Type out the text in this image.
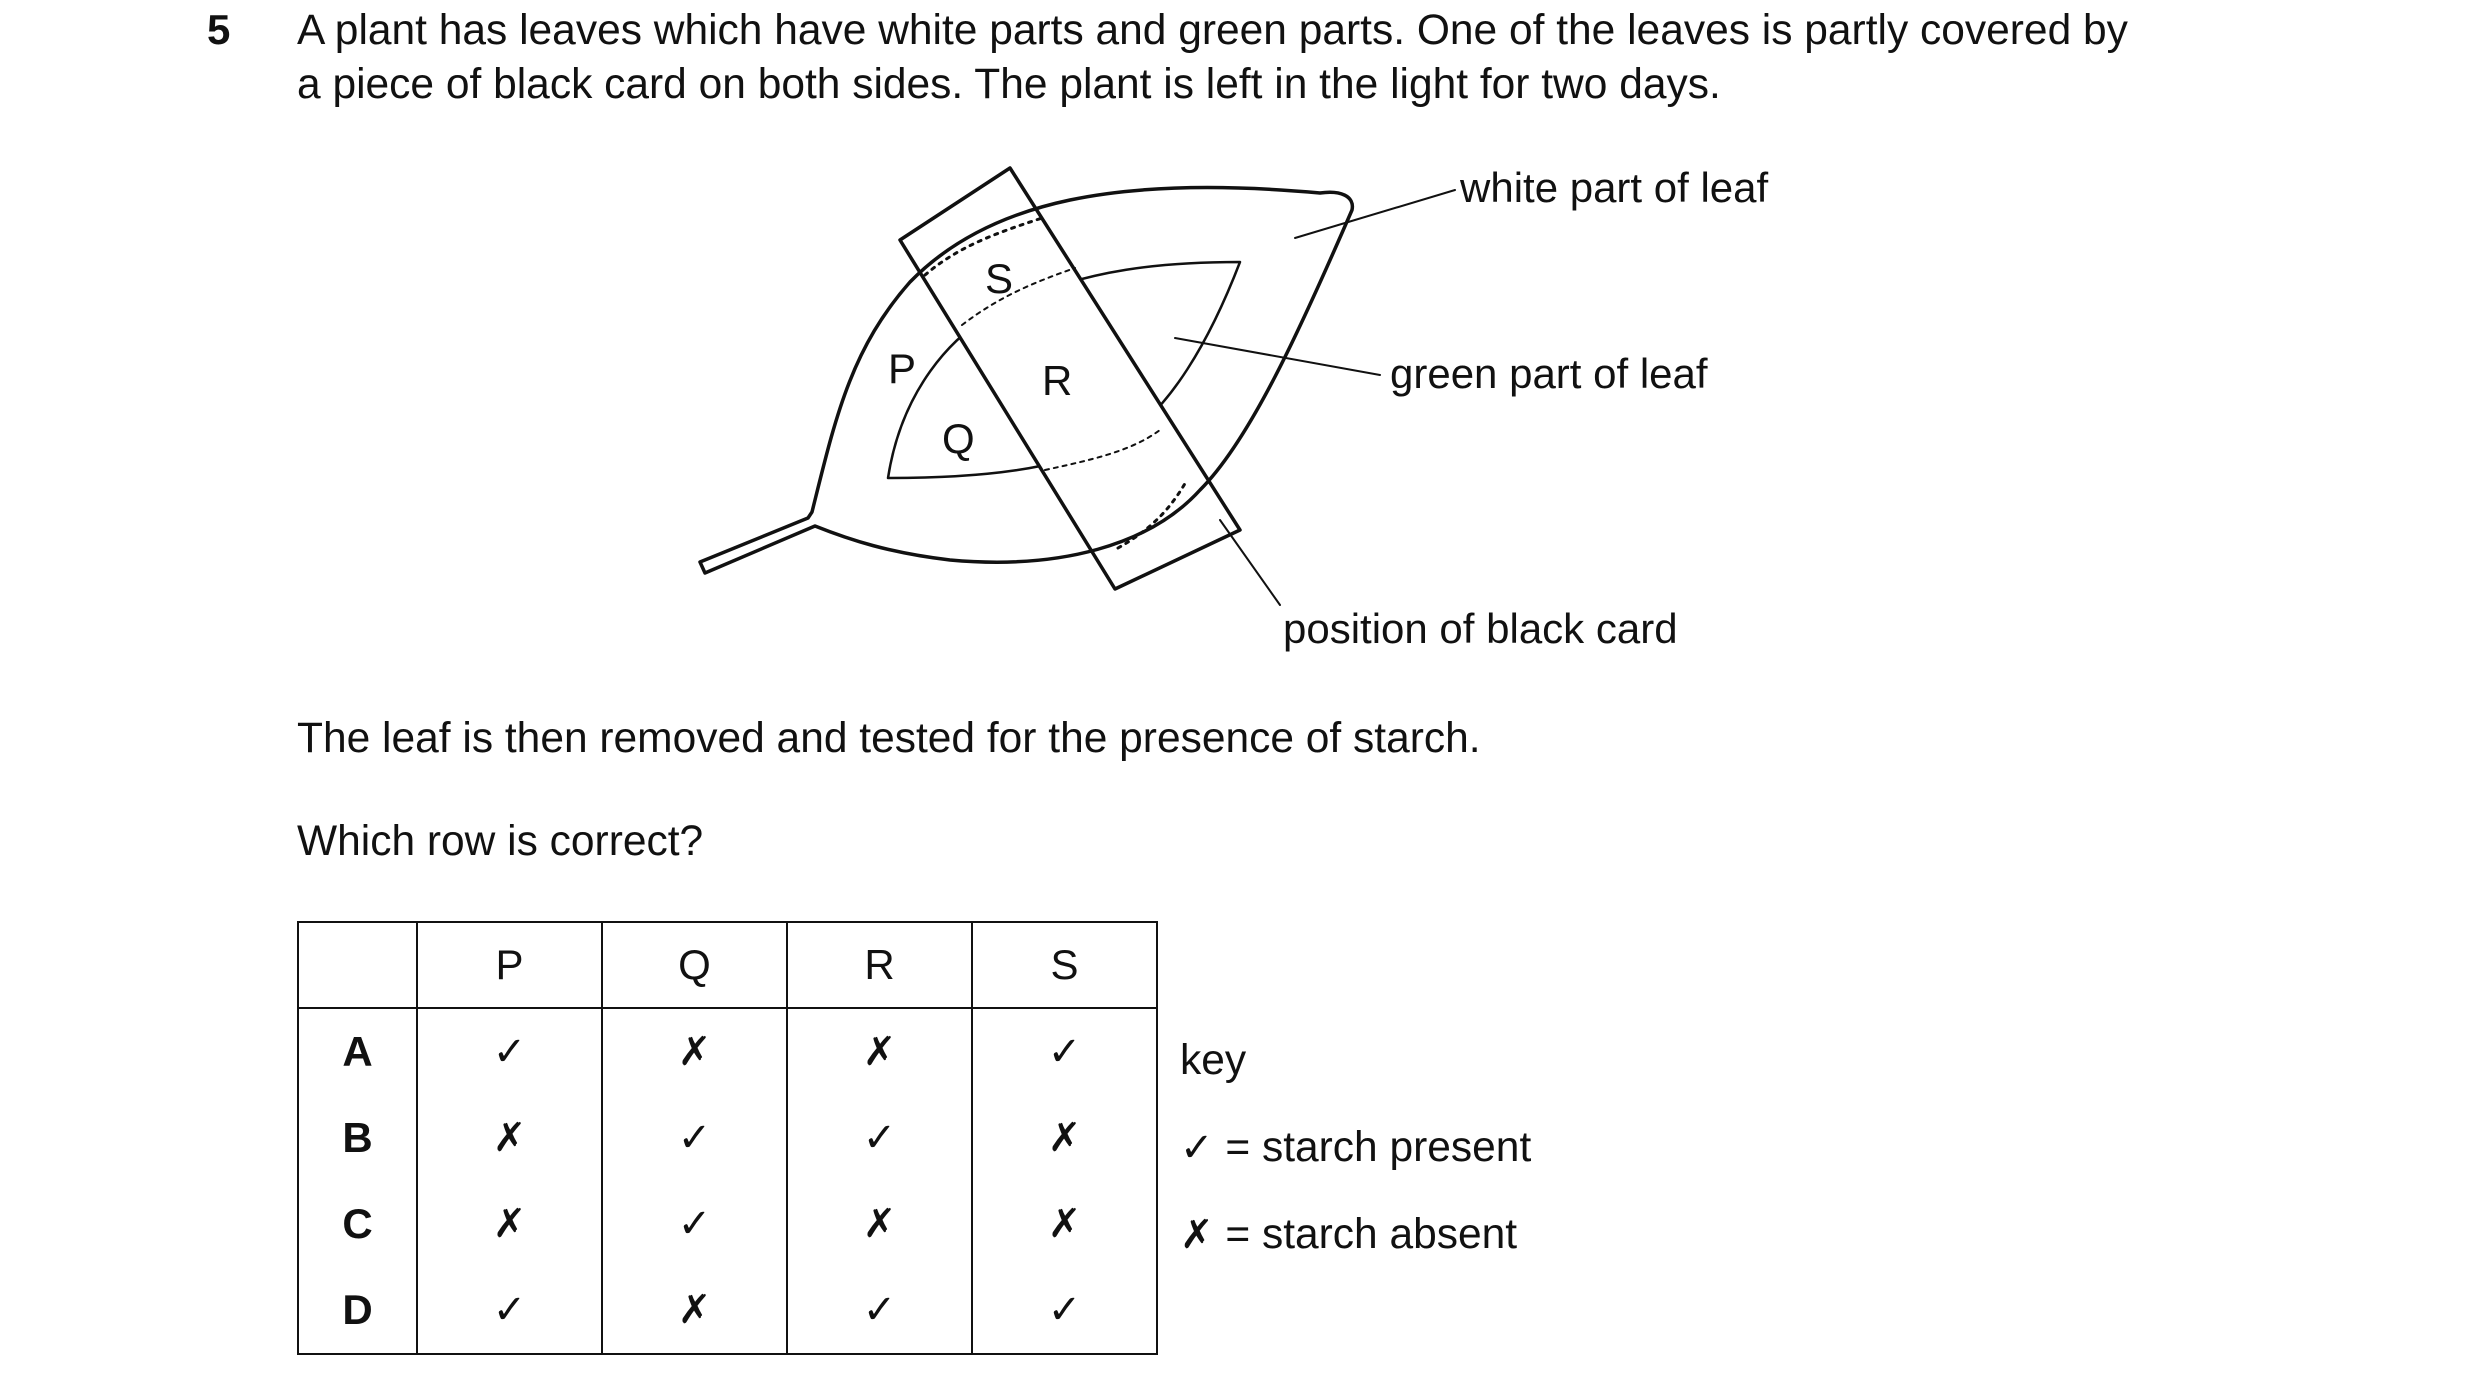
5 A plant has leaves which have white parts and green parts. One of the leaves is partly covered by
a piece of black card on both sides. The plant is left in the light for two days.
white part of leaf
green part of leaf
position of black card
S
P	R
Q
The leaf is then removed and tested for the presence of starch.
Which row is correct?
	P	Q	R	S
A	✓	✗	✗	✓
B	✗	✓	✓	✗
C	✗	✓	✗	✗
D	✓	✗	✓	✓
key
✓ = starch present
✗ = starch absent
